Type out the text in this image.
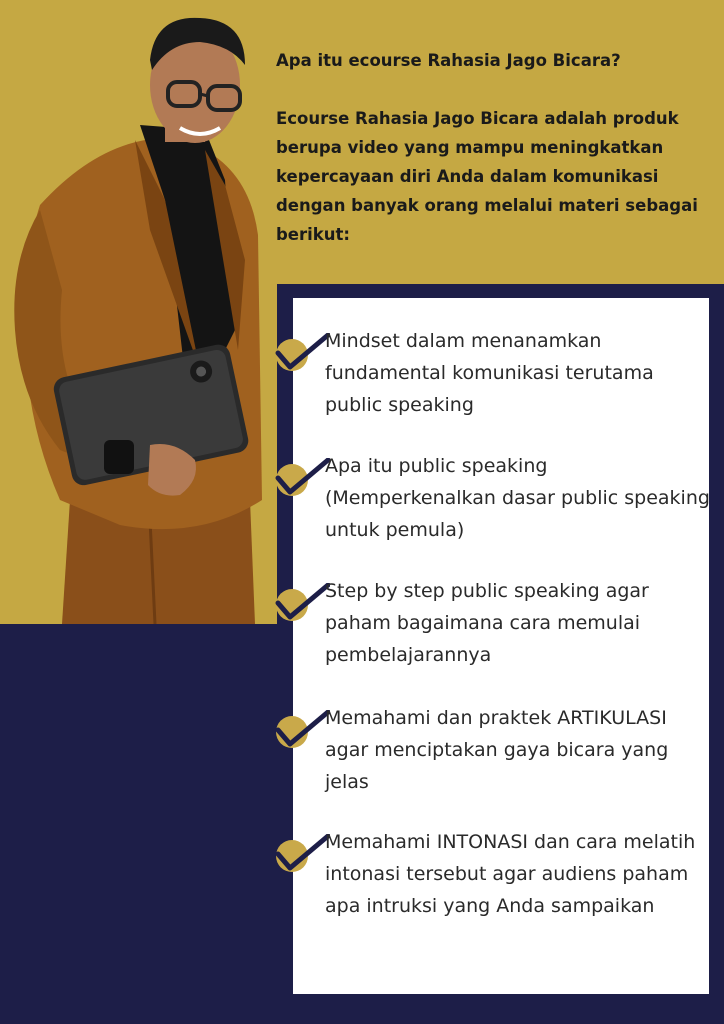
Apa itu ecourse Rahasia Jago Bicara?

Ecourse Rahasia Jago Bicara adalah produk berupa video yang mampu meningkatkan kepercayaan diri Anda dalam komunikasi dengan banyak orang melalui materi sebagai berikut:

Mindset dalam menanamkan fundamental komunikasi terutama public speaking
Apa itu public speaking (Memperkenalkan dasar public speaking untuk pemula)
Step by step public speaking agar paham bagaimana cara memulai pembelajarannya
Memahami dan praktek ARTIKULASI agar menciptakan gaya bicara yang jelas
Memahami INTONASI dan cara melatih intonasi tersebut agar audiens paham apa intruksi yang Anda sampaikan
